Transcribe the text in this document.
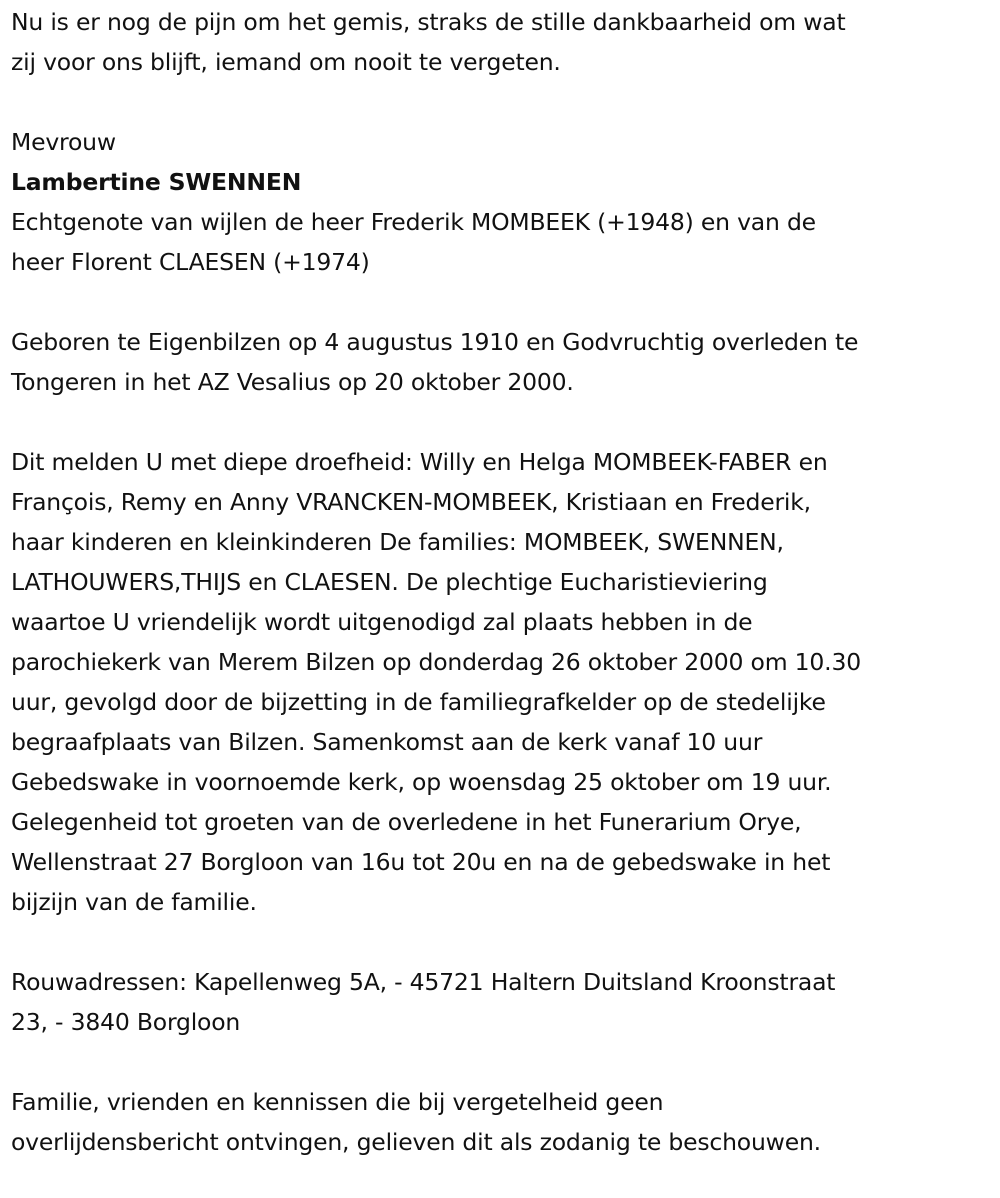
Nu is er nog de pijn om het gemis, straks de stille dankbaarheid om wat
zij voor ons blijft, iemand om nooit te vergeten.

Mevrouw

Lambertine SWENNEN

Echtgenote van wijlen de heer Frederik MOMBEEK (+1948) en van de
heer Florent CLAESEN (+1974)

Geboren te Eigenbilzen op 4 augustus 1910 en Godvruchtig overleden te
Tongeren in het AZ Vesalius op 20 oktober 2000.

Dit melden U met diepe droefheid: Willy en Helga MOMBEEK-FABER en
François, Remy en Anny VRANCKEN-MOMBEEK, Kristiaan en Frederik,
haar kinderen en kleinkinderen De families: MOMBEEK, SWENNEN,
LATHOUWERS,THIJS en CLAESEN. De plechtige Eucharistieviering
waartoe U vriendelijk wordt uitgenodigd zal plaats hebben in de
parochiekerk van Merem Bilzen op donderdag 26 oktober 2000 om 10.30
uur, gevolgd door de bijzetting in de familiegrafkelder op de stedelijke
begraafplaats van Bilzen. Samenkomst aan de kerk vanaf 10 uur
Gebedswake in voornoemde kerk, op woensdag 25 oktober om 19 uur.
Gelegenheid tot groeten van de overledene in het Funerarium Orye,
Wellenstraat 27 Borgloon van 16u tot 20u en na de gebedswake in het
bijzijn van de familie.

Rouwadressen: Kapellenweg 5A, - 45721 Haltern Duitsland Kroonstraat
23, - 3840 Borgloon

Familie, vrienden en kennissen die bij vergetelheid geen
overlijdensbericht ontvingen, gelieven dit als zodanig te beschouwen.
